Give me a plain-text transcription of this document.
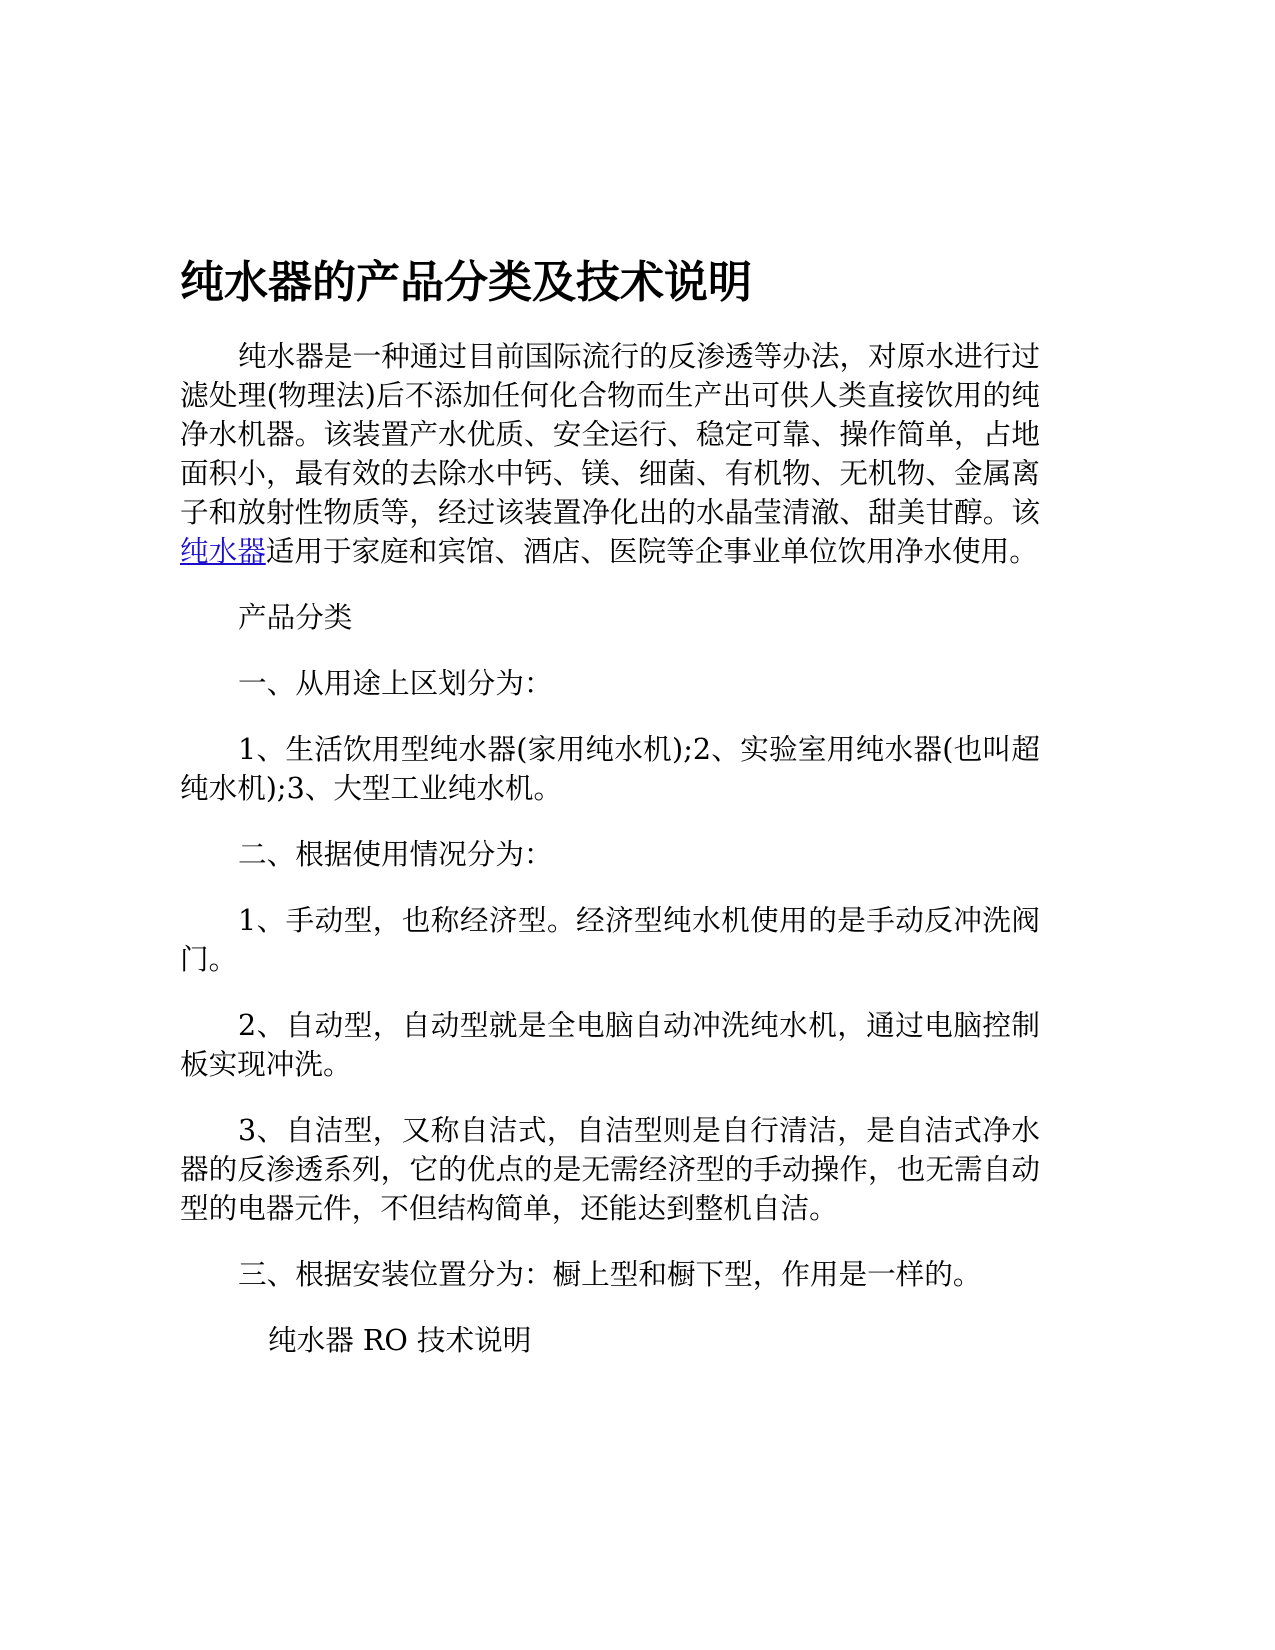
纯水器的产品分类及技术说明

纯水器是一种通过目前国际流行的反渗透等办法，对原水进行过滤处理(物理法)后不添加任何化合物而生产出可供人类直接饮用的纯净水机器。该装置产水优质、安全运行、稳定可靠、操作简单，占地面积小，最有效的去除水中钙、镁、细菌、有机物、无机物、金属离子和放射性物质等，经过该装置净化出的水晶莹清澈、甜美甘醇。该纯水器适用于家庭和宾馆、酒店、医院等企事业单位饮用净水使用。

产品分类

一、从用途上区划分为：

1、生活饮用型纯水器(家用纯水机);2、实验室用纯水器(也叫超纯水机);3、大型工业纯水机。

二、根据使用情况分为：

1、手动型，也称经济型。经济型纯水机使用的是手动反冲洗阀门。

2、自动型，自动型就是全电脑自动冲洗纯水机，通过电脑控制板实现冲洗。

3、自洁型，又称自洁式，自洁型则是自行清洁，是自洁式净水器的反渗透系列，它的优点的是无需经济型的手动操作，也无需自动型的电器元件，不但结构简单，还能达到整机自洁。

三、根据安装位置分为：橱上型和橱下型，作用是一样的。

纯水器 RO 技术说明
